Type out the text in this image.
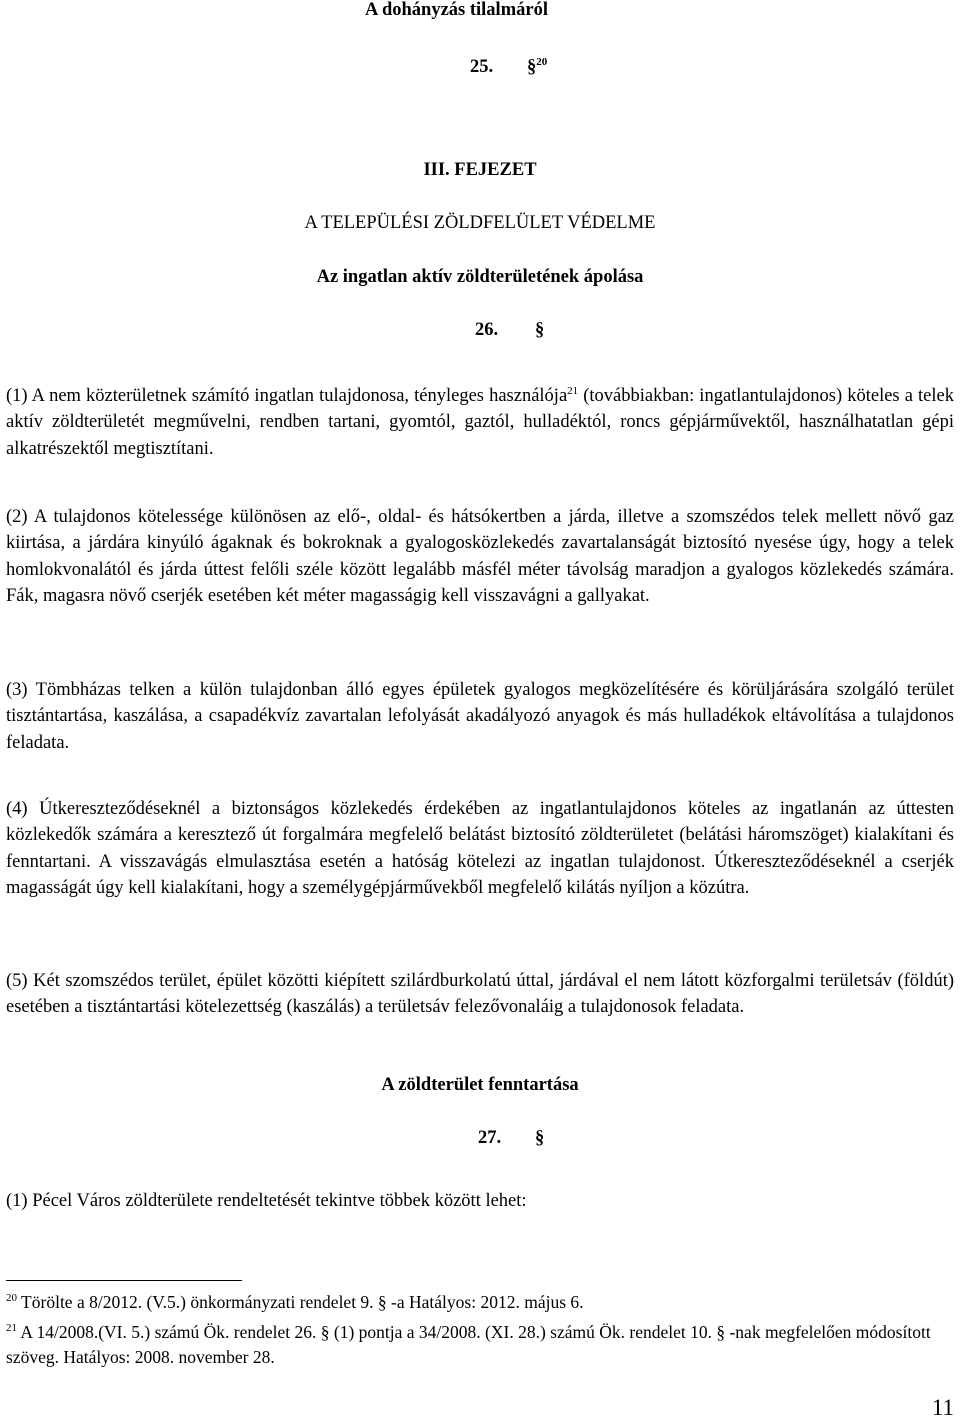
A dohányzás tilalmáról
25. §$^{20}$
III. FEJEZET
A TELEPÜLÉSI ZÖLDFELÜLET VÉDELME
Az ingatlan aktív zöldterületének ápolása
26. §

(1) A nem közterületnek számító ingatlan tulajdonosa, tényleges használója$^{21}$ (továbbiakban: ingatlantulajdonos) köteles a telek aktív zöldterületét megművelni, rendben tartani, gyomtól, gaztól, hulladéktól, roncs gépjárművektől, használhatatlan gépi alkatrészektől megtisztítani.

(2) A tulajdonos kötelessége különösen az elő-, oldal- és hátsókertben a járda, illetve a szomszédos telek mellett növő gaz kiirtása, a járdára kinyúló ágaknak és bokroknak a gyalogosközlekedés zavartalanságát biztosító nyesése úgy, hogy a telek homlokvonalától és járda úttest felőli széle között legalább másfél méter távolság maradjon a gyalogos közlekedés számára. Fák, magasra növő cserjék esetében két méter magasságig kell visszavágni a gallyakat.

(3) Tömbházas telken a külön tulajdonban álló egyes épületek gyalogos megközelítésére és körüljárására szolgáló terület tisztántartása, kaszálása, a csapadékvíz zavartalan lefolyását akadályozó anyagok és más hulladékok eltávolítása a tulajdonos feladata.

(4) Útkereszteződéseknél a biztonságos közlekedés érdekében az ingatlantulajdonos köteles az ingatlanán az úttesten közlekedők számára a keresztező út forgalmára megfelelő belátást biztosító zöldterületet (belátási háromszöget) kialakítani és fenntartani. A visszavágás elmulasztása esetén a hatóság kötelezi az ingatlan tulajdonost. Útkereszteződéseknél a cserjék magasságát úgy kell kialakítani, hogy a személygépjárművekből megfelelő kilátás nyíljon a közútra.

(5) Két szomszédos terület, épület közötti kiépített szilárdburkolatú úttal, járdával el nem látott közforgalmi területsáv (földút) esetében a tisztántartási kötelezettség (kaszálás) a területsáv felezővonaláig a tulajdonosok feladata.

A zöldterület fenntartása
27. §

(1) Pécel Város zöldterülete rendeltetését tekintve többek között lehet:

$^{20}$ Törölte a 8/2012. (V.5.) önkormányzati rendelet 9. § -a Hatályos: 2012. május 6.

$^{21}$ A 14/2008.(VI. 5.) számú Ök. rendelet 26. § (1) pontja a 34/2008. (XI. 28.) számú Ök. rendelet 10. § -nak megfelelően módosított szöveg. Hatályos: 2008. november 28.

11
